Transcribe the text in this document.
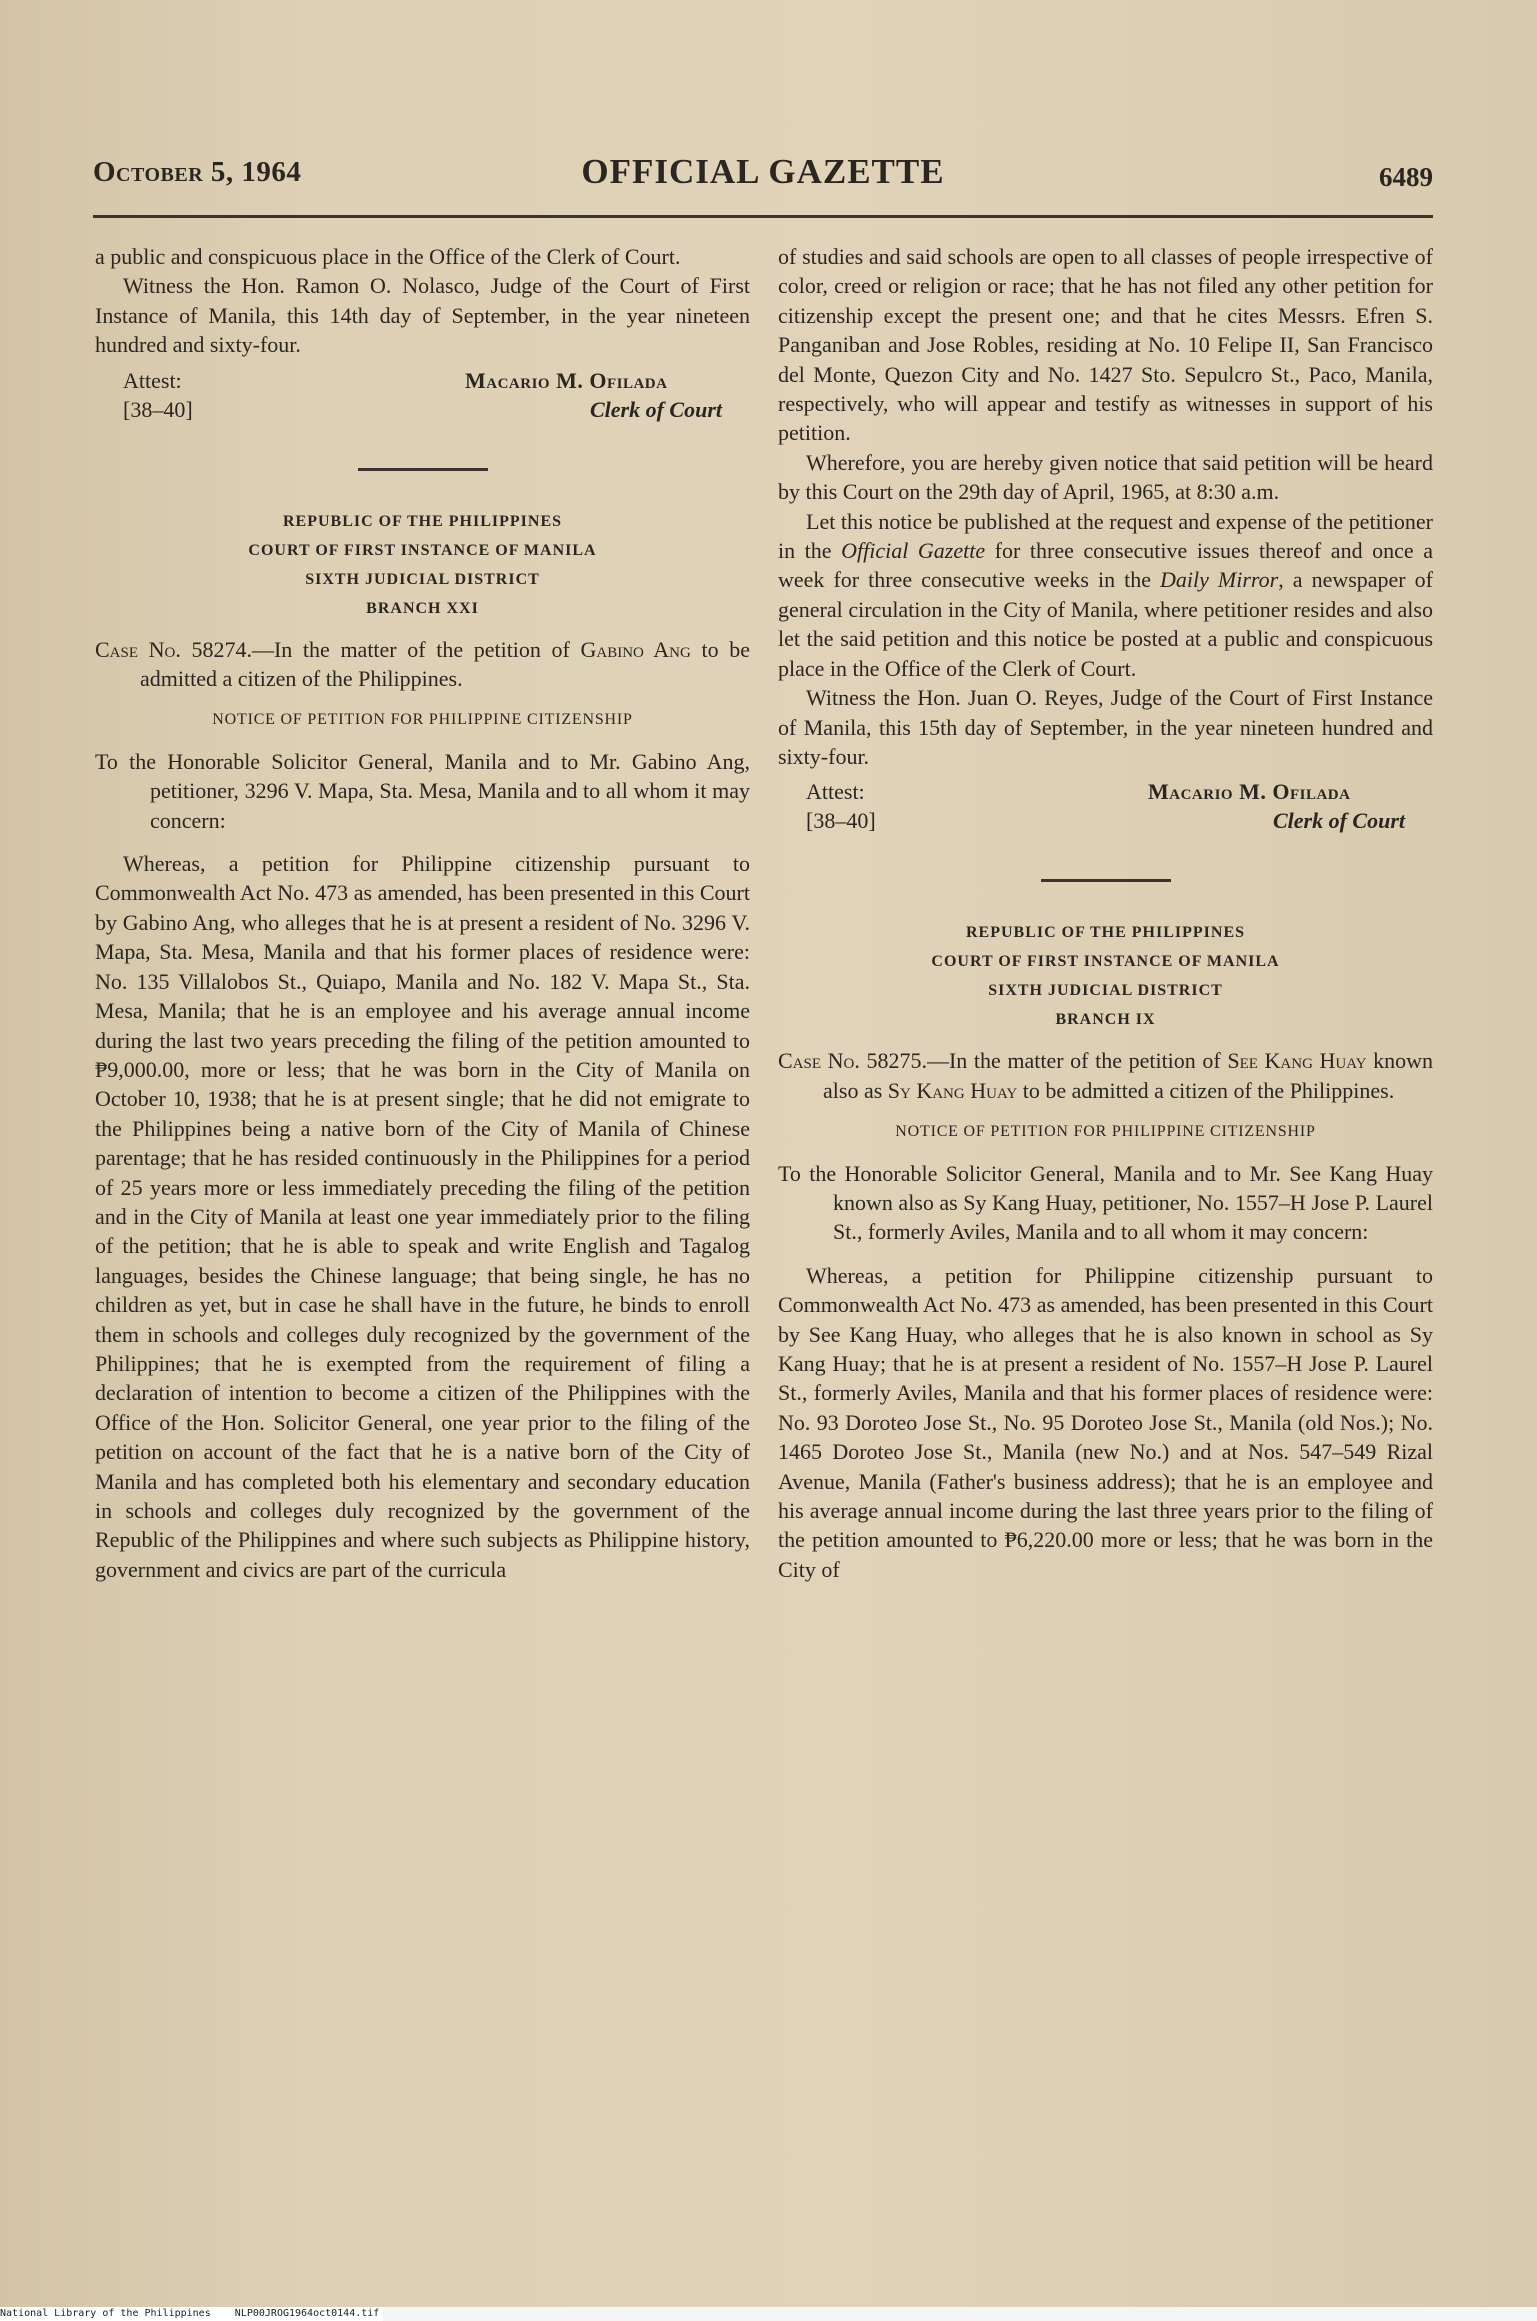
October 5, 1964	OFFICIAL GAZETTE	6489

a public and conspicuous place in the Office of the Clerk of Court.

Witness the Hon. Ramon O. Nolasco, Judge of the Court of First Instance of Manila, this 14th day of September, in the year nineteen hundred and sixty-four.

Attest:
[38–40]
Macario M. Ofilada
Clerk of Court
REPUBLIC OF THE PHILIPPINES
COURT OF FIRST INSTANCE OF MANILA
SIXTH JUDICIAL DISTRICT
BRANCH XXI

Case No. 58274.—In the matter of the petition of Gabino Ang to be admitted a citizen of the Philippines.

NOTICE OF PETITION FOR PHILIPPINE CITIZENSHIP

To the Honorable Solicitor General, Manila and to Mr. Gabino Ang, petitioner, 3296 V. Mapa, Sta. Mesa, Manila and to all whom it may concern:

Whereas, a petition for Philippine citizenship pursuant to Commonwealth Act No. 473 as amended, has been presented in this Court by Gabino Ang, who alleges that he is at present a resident of No. 3296 V. Mapa, Sta. Mesa, Manila and that his former places of residence were: No. 135 Villalobos St., Quiapo, Manila and No. 182 V. Mapa St., Sta. Mesa, Manila; that he is an employee and his average annual income during the last two years preceding the filing of the petition amounted to ₱9,000.00, more or less; that he was born in the City of Manila on October 10, 1938; that he is at present single; that he did not emigrate to the Philippines being a native born of the City of Manila of Chinese parentage; that he has resided continuously in the Philippines for a period of 25 years more or less immediately preceding the filing of the petition and in the City of Manila at least one year immediately prior to the filing of the petition; that he is able to speak and write English and Tagalog languages, besides the Chinese language; that being single, he has no children as yet, but in case he shall have in the future, he binds to enroll them in schools and colleges duly recognized by the government of the Philippines; that he is exempted from the requirement of filing a declaration of intention to become a citizen of the Philippines with the Office of the Hon. Solicitor General, one year prior to the filing of the petition on account of the fact that he is a native born of the City of Manila and has completed both his elementary and secondary education in schools and colleges duly recognized by the government of the Republic of the Philippines and where such subjects as Philippine history, government and civics are part of the curricula

of studies and said schools are open to all classes of people irrespective of color, creed or religion or race; that he has not filed any other petition for citizenship except the present one; and that he cites Messrs. Efren S. Panganiban and Jose Robles, residing at No. 10 Felipe II, San Francisco del Monte, Quezon City and No. 1427 Sto. Sepulcro St., Paco, Manila, respectively, who will appear and testify as witnesses in support of his petition.

Wherefore, you are hereby given notice that said petition will be heard by this Court on the 29th day of April, 1965, at 8:30 a.m.

Let this notice be published at the request and expense of the petitioner in the Official Gazette for three consecutive issues thereof and once a week for three consecutive weeks in the Daily Mirror, a newspaper of general circulation in the City of Manila, where petitioner resides and also let the said petition and this notice be posted at a public and conspicuous place in the Office of the Clerk of Court.

Witness the Hon. Juan O. Reyes, Judge of the Court of First Instance of Manila, this 15th day of September, in the year nineteen hundred and sixty-four.

Attest:
[38–40]
Macario M. Ofilada
Clerk of Court
REPUBLIC OF THE PHILIPPINES
COURT OF FIRST INSTANCE OF MANILA
SIXTH JUDICIAL DISTRICT
BRANCH IX

Case No. 58275.—In the matter of the petition of See Kang Huay known also as Sy Kang Huay to be admitted a citizen of the Philippines.

NOTICE OF PETITION FOR PHILIPPINE CITIZENSHIP

To the Honorable Solicitor General, Manila and to Mr. See Kang Huay known also as Sy Kang Huay, petitioner, No. 1557–H Jose P. Laurel St., formerly Aviles, Manila and to all whom it may concern:

Whereas, a petition for Philippine citizenship pursuant to Commonwealth Act No. 473 as amended, has been presented in this Court by See Kang Huay, who alleges that he is also known in school as Sy Kang Huay; that he is at present a resident of No. 1557–H Jose P. Laurel St., formerly Aviles, Manila and that his former places of residence were: No. 93 Doroteo Jose St., No. 95 Doroteo Jose St., Manila (old Nos.); No. 1465 Doroteo Jose St., Manila (new No.) and at Nos. 547–549 Rizal Avenue, Manila (Father's business address); that he is an employee and his average annual income during the last three years prior to the filing of the petition amounted to ₱6,220.00 more or less; that he was born in the City of

National Library of the Philippines    NLP00JROG1964oct0144.tif
